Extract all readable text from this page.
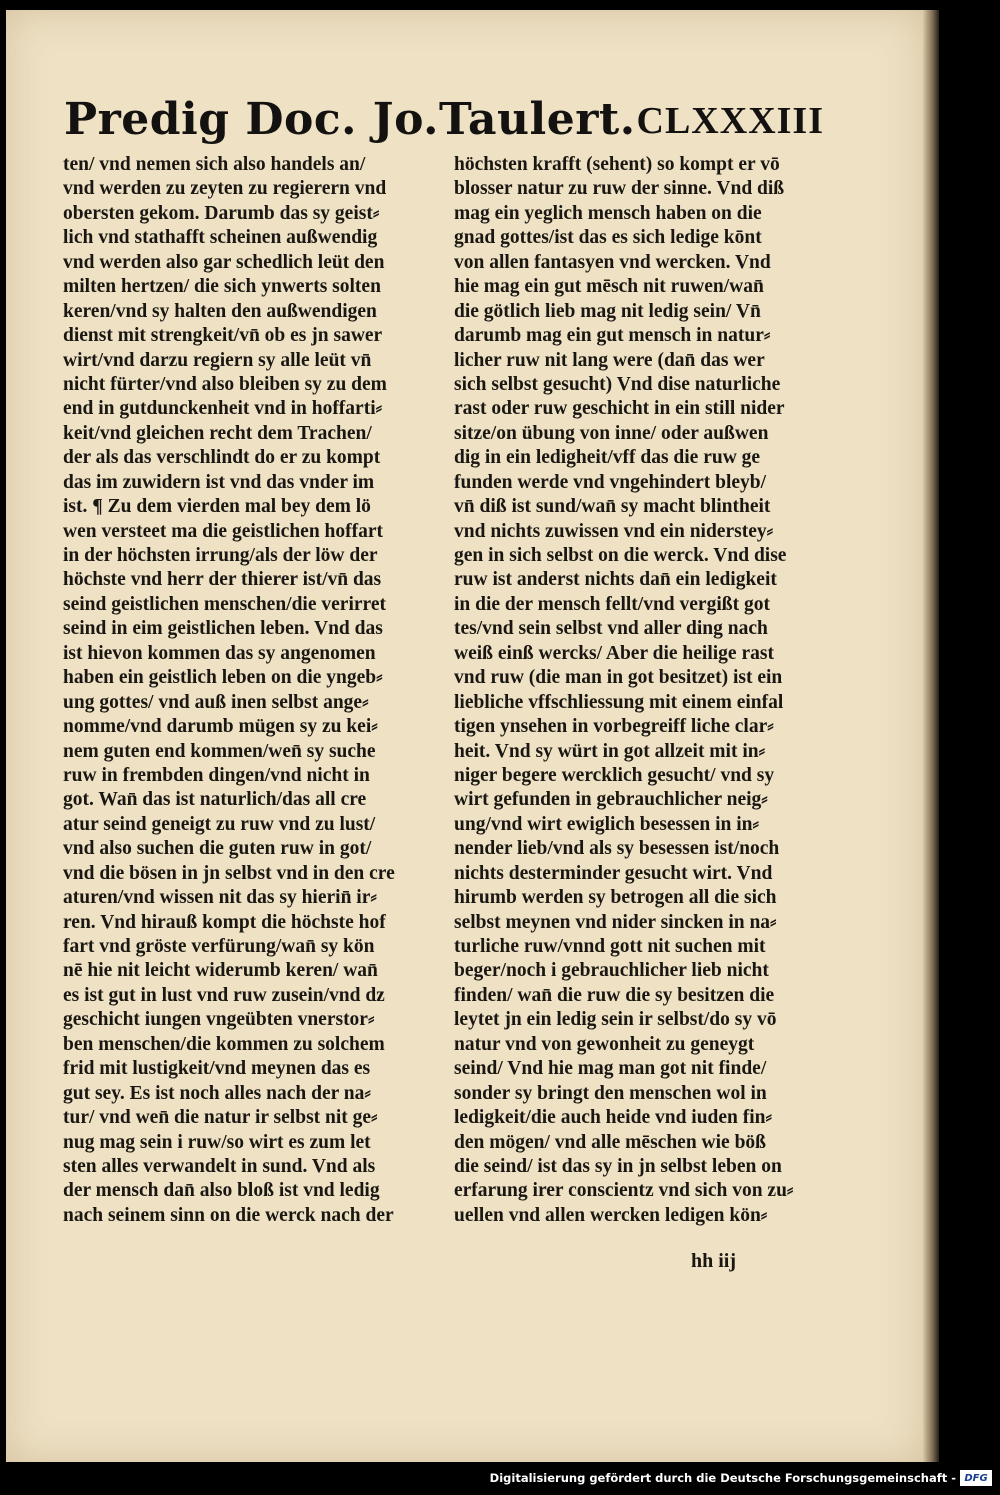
Predig Doc. Jo.Taulert. CLXXXIII
ten/ vnd nemen sich also handels an/
vnd werden zu zeyten zu regierern vnd
obersten gekom. Darumb das sy geist⸗
lich vnd stathafft scheinen außwendig
vnd werden also gar schedlich leüt den
milten hertzen/ die sich ynwerts solten
keren/vnd sy halten den außwendigen
dienst mit strengkeit/vn̄ ob es jn sawer
wirt/vnd darzu regiern sy alle leüt vn̄
nicht fürter/vnd also bleiben sy zu dem
end in gutdunckenheit vnd in hoffarti⸗
keit/vnd gleichen recht dem Trachen/
der als das verschlindt do er zu kompt
das im zuwidern ist vnd das vnder im
ist. ¶ Zu dem vierden mal bey dem lö
wen versteet ma die geistlichen hoffart
in der höchsten irrung/als der löw der
höchste vnd herr der thierer ist/vn̄ das
seind geistlichen menschen/die verirret
seind in eim geistlichen leben. Vnd das
ist hievon kommen das sy angenomen
haben ein geistlich leben on die yngeb⸗
ung gottes/ vnd auß inen selbst ange⸗
nomme/vnd darumb mügen sy zu kei⸗
nem guten end kommen/wen̄ sy suche
ruw in frembden dingen/vnd nicht in
got. Wan̄ das ist naturlich/das all cre
atur seind geneigt zu ruw vnd zu lust/
vnd also suchen die guten ruw in got/
vnd die bösen in jn selbst vnd in den cre
aturen/vnd wissen nit das sy hierin̄ ir⸗
ren. Vnd hirauß kompt die höchste hof
fart vnd gröste verfürung/wan̄ sy kön
nē hie nit leicht widerumb keren/ wan̄
es ist gut in lust vnd ruw zusein/vnd dz
geschicht iungen vngeübten vnerstor⸗
ben menschen/die kommen zu solchem
frid mit lustigkeit/vnd meynen das es
gut sey. Es ist noch alles nach der na⸗
tur/ vnd wen̄ die natur ir selbst nit ge⸗
nug mag sein i ruw/so wirt es zum let
sten alles verwandelt in sund. Vnd als
der mensch dan̄ also bloß ist vnd ledig
nach seinem sinn on die werck nach der
höchsten krafft (sehent) so kompt er vō
blosser natur zu ruw der sinne. Vnd diß
mag ein yeglich mensch haben on die
gnad gottes/ist das es sich ledige kōnt
von allen fantasyen vnd wercken. Vnd
hie mag ein gut mēsch nit ruwen/wan̄
die götlich lieb mag nit ledig sein/ Vn̄
darumb mag ein gut mensch in natur⸗
licher ruw nit lang were (dan̄ das wer
sich selbst gesucht) Vnd dise naturliche
rast oder ruw geschicht in ein still nider
sitze/on übung von inne/ oder außwen
dig in ein ledigheit/vff das die ruw ge
funden werde vnd vngehindert bleyb/
vn̄ diß ist sund/wan̄ sy macht blintheit
vnd nichts zuwissen vnd ein niderstey⸗
gen in sich selbst on die werck. Vnd dise
ruw ist anderst nichts dan̄ ein ledigkeit
in die der mensch fellt/vnd vergißt got
tes/vnd sein selbst vnd aller ding nach
weiß einß wercks/ Aber die heilige rast
vnd ruw (die man in got besitzet) ist ein
liebliche vffschliessung mit einem einfal
tigen ynsehen in vorbegreiff liche clar⸗
heit. Vnd sy würt in got allzeit mit in⸗
niger begere wercklich gesucht/ vnd sy
wirt gefunden in gebrauchlicher neig⸗
ung/vnd wirt ewiglich besessen in in⸗
nender lieb/vnd als sy besessen ist/noch
nichts desterminder gesucht wirt. Vnd
hirumb werden sy betrogen all die sich
selbst meynen vnd nider sincken in na⸗
turliche ruw/vnnd gott nit suchen mit
beger/noch i gebrauchlicher lieb nicht
finden/ wan̄ die ruw die sy besitzen die
leytet jn ein ledig sein ir selbst/do sy vō
natur vnd von gewonheit zu geneygt
seind/ Vnd hie mag man got nit finde/
sonder sy bringt den menschen wol in
ledigkeit/die auch heide vnd iuden fin⸗
den mögen/ vnd alle mēschen wie böß
die seind/ ist das sy in jn selbst leben on
erfarung irer conscientz vnd sich von zu⸗
uellen vnd allen wercken ledigen kön⸗
hh iij
Digitalisierung gefördert durch die Deutsche Forschungsgemeinschaft - DFG
